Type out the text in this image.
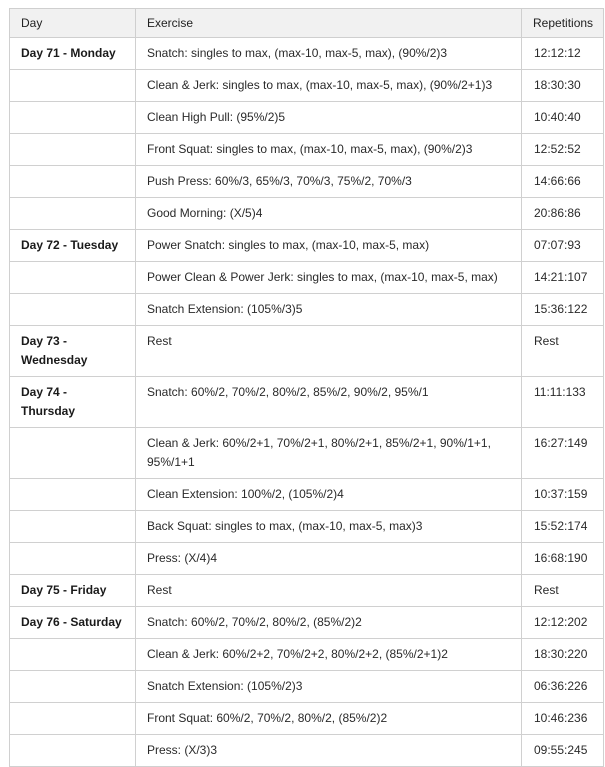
Day	Exercise	Repetitions
Day 71 - Monday	Snatch: singles to max, (max-10, max-5, max), (90%/2)3	12:12:12
	Clean & Jerk: singles to max, (max-10, max-5, max), (90%/2+1)3	18:30:30
	Clean High Pull: (95%/2)5	10:40:40
	Front Squat: singles to max, (max-10, max-5, max), (90%/2)3	12:52:52
	Push Press: 60%/3, 65%/3, 70%/3, 75%/2, 70%/3	14:66:66
	Good Morning: (X/5)4	20:86:86
Day 72 - Tuesday	Power Snatch: singles to max, (max-10, max-5, max)	07:07:93
	Power Clean & Power Jerk: singles to max, (max-10, max-5, max)	14:21:107
	Snatch Extension: (105%/3)5	15:36:122
Day 73 - Wednesday	Rest	Rest
Day 74 - Thursday	Snatch: 60%/2, 70%/2, 80%/2, 85%/2, 90%/2, 95%/1	11:11:133
	Clean & Jerk: 60%/2+1, 70%/2+1, 80%/2+1, 85%/2+1, 90%/1+1, 95%/1+1	16:27:149
	Clean Extension: 100%/2, (105%/2)4	10:37:159
	Back Squat: singles to max, (max-10, max-5, max)3	15:52:174
	Press: (X/4)4	16:68:190
Day 75 - Friday	Rest	Rest
Day 76 - Saturday	Snatch: 60%/2, 70%/2, 80%/2, (85%/2)2	12:12:202
	Clean & Jerk: 60%/2+2, 70%/2+2, 80%/2+2, (85%/2+1)2	18:30:220
	Snatch Extension: (105%/2)3	06:36:226
	Front Squat: 60%/2, 70%/2, 80%/2, (85%/2)2	10:46:236
	Press: (X/3)3	09:55:245
